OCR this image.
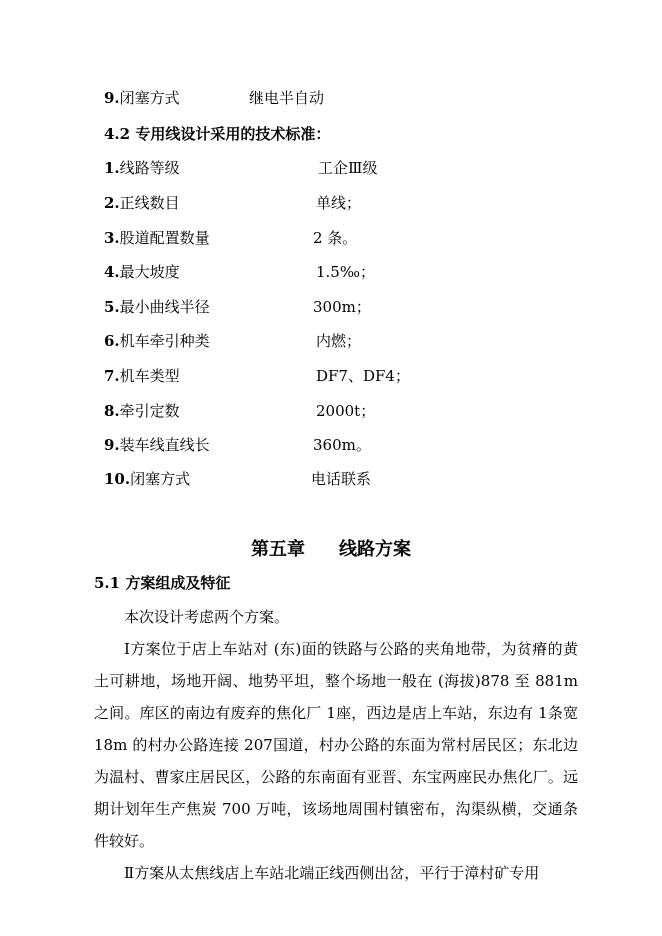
9.闭塞方式	继电半自动
4.2 专用线设计采用的技术标准：
1.线路等级	工企Ⅲ级
2.正线数目	单线；
3.股道配置数量	2 条。
4.最大坡度	1.5‰；
5.最小曲线半径	300m；
6.机车牵引种类	内燃；
7.机车类型	DF7、DF4；
8.牵引定数	2000t；
9.装车线直线长	360m。
10.闭塞方式	电话联系
第五章 线路方案
5.1 方案组成及特征

本次设计考虑两个方案。

Ⅰ方案位于店上车站对 (东)面的铁路与公路的夹角地带，为贫瘠的黄土可耕地，场地开阔、地势平坦，整个场地一般在 (海拔)878 至 881m 之间。库区的南边有废弃的焦化厂 1座，西边是店上车站，东边有 1条宽 18m 的村办公路连接 207国道，村办公路的东面为常村居民区；东北边为温村、曹家庄居民区，公路的东南面有亚晋、东宝两座民办焦化厂。远期计划年生产焦炭 700 万吨，该场地周围村镇密布，沟渠纵横，交通条件较好。

Ⅱ方案从太焦线店上车站北端正线西侧出岔，平行于漳村矿专用
